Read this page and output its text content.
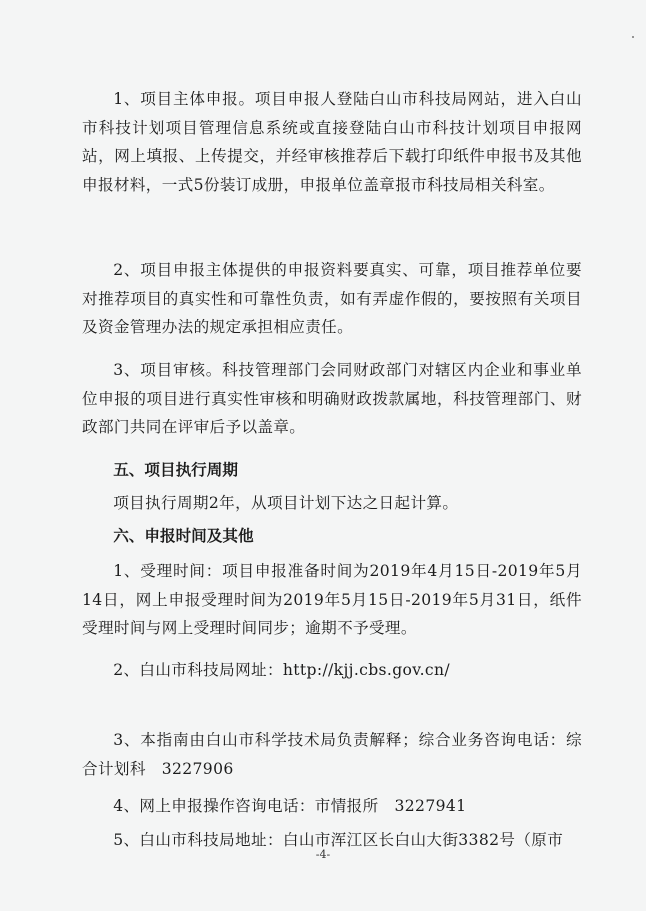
1、项目主体申报。项目申报人登陆白山市科技局网站，进入白山市科技计划项目管理信息系统或直接登陆白山市科技计划项目申报网站，网上填报、上传提交，并经审核推荐后下载打印纸件申报书及其他申报材料，一式5份装订成册，申报单位盖章报市科技局相关科室。

2、项目申报主体提供的申报资料要真实、可靠，项目推荐单位要对推荐项目的真实性和可靠性负责，如有弄虚作假的，要按照有关项目及资金管理办法的规定承担相应责任。

3、项目审核。科技管理部门会同财政部门对辖区内企业和事业单位申报的项目进行真实性审核和明确财政拨款属地，科技管理部门、财政部门共同在评审后予以盖章。

五、项目执行周期

项目执行周期2年，从项目计划下达之日起计算。

六、申报时间及其他

1、受理时间：项目申报准备时间为2019年4月15日-2019年5月14日，网上申报受理时间为2019年5月15日-2019年5月31日，纸件受理时间与网上受理时间同步；逾期不予受理。

2、白山市科技局网址：http://kjj.cbs.gov.cn/

3、本指南由白山市科学技术局负责解释；综合业务咨询电话：综合计划科　3227906

4、网上申报操作咨询电话：市情报所　3227941

5、白山市科技局地址：白山市浑江区长白山大街3382号（原市

-4-
